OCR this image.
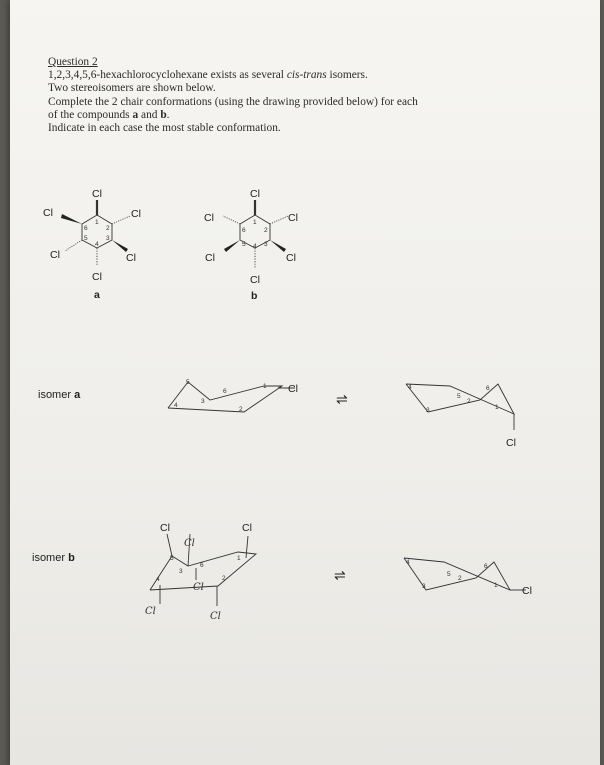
Question 2
1,2,3,4,5,6-hexachlorocyclohexane exists as several cis-trans isomers.
Two stereoisomers are shown below.
Complete the 2 chair conformations (using the drawing provided below) for each
of the compounds a and b.
Indicate in each case the most stable conformation.
Cl
Cl	Cl
Cl	Cl
Cl
1
2
3
4
5
6
a
Cl
Cl	Cl
Cl	Cl
Cl
1
2
3
4
5
6
b
5
6
1
4
3
2
Cl
⇌
4
5
6
3
2
1
Cl
5
6
1
4
3
2
Cl	Cl
Cl
Cl
Cl	Cl
⇌
4
5
6
3
2
1 Cl
isomer a
isomer b
